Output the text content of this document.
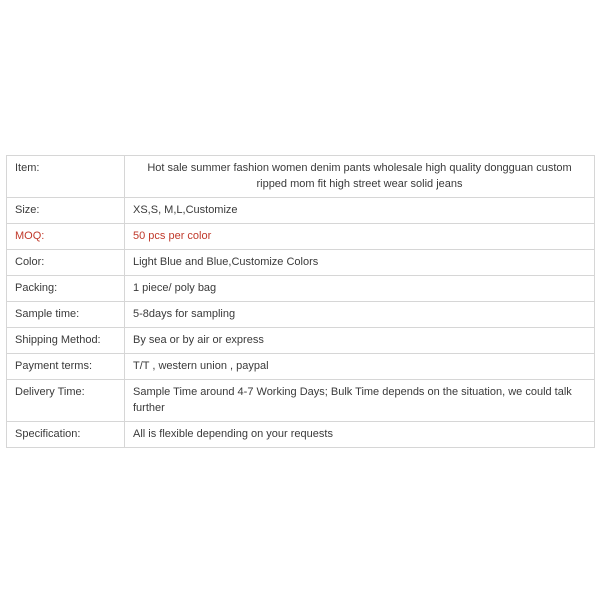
Item:	Hot sale summer fashion women denim pants wholesale high quality dongguan custom ripped mom fit high street wear solid jeans
Size:	XS,S, M,L,Customize
MOQ:	50 pcs per color
Color:	Light Blue and Blue,Customize Colors
Packing:	1 piece/ poly bag
Sample time:	5-8days for sampling
Shipping Method:	By sea or by air or express
Payment terms:	T/T , western union , paypal
Delivery Time:	Sample Time around 4-7 Working Days; Bulk Time depends on the situation, we could talk further
Specification:	All is flexible depending on your requests
